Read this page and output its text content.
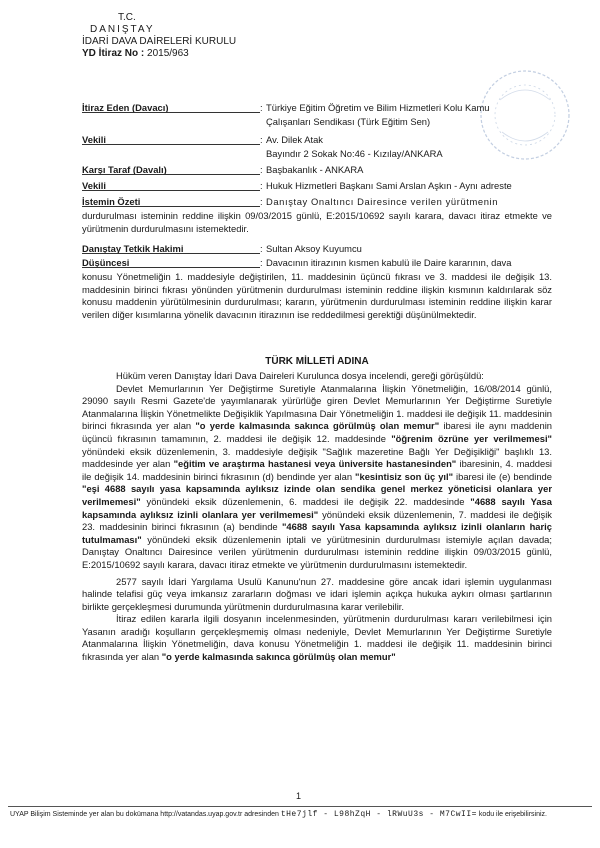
T.C.
DANIŞTAY
İDARİ DAVA DAİRELERİ KURULU
YD İtiraz No : 2015/963
İtiraz Eden (Davacı)	: Türkiye Eğitim Öğretim ve Bilim Hizmetleri Kolu Kamu
Çalışanları Sendikası (Türk Eğitim Sen)
Vekili	: Av. Dilek Atak
Bayındır 2 Sokak No:46 - Kızılay/ANKARA
Karşı Taraf (Davalı)	: Başbakanlık - ANKARA
Vekili	: Hukuk Hizmetleri Başkanı Sami Arslan Aşkın - Aynı adreste
İstemin Özeti	: Danıştay Onaltıncı Dairesince verilen yürütmenin
durdurulması isteminin reddine ilişkin 09/03/2015 günlü, E:2015/10692 sayılı karara, davacı itiraz etmekte ve yürütmenin durdurulmasını istemektedir.
Danıştay Tetkik Hakimi	: Sultan Aksoy Kuyumcu
Düşüncesi	: Davacının itirazının kısmen kabulü ile Daire kararının, dava
konusu Yönetmeliğin 1. maddesiyle değiştirilen, 11. maddesinin üçüncü fıkrası ve 3. maddesi ile değişik 13. maddesinin birinci fıkrası yönünden yürütmenin durdurulması isteminin reddine ilişkin kısmının kaldırılarak söz konusu maddenin yürütülmesinin durdurulması; kararın, yürütmenin durdurulması isteminin reddine ilişkin karar verilen diğer kısımlarına yönelik davacının itirazının ise reddedilmesi gerektiği düşünülmektedir.
TÜRK MİLLETİ ADINA
Hüküm veren Danıştay İdari Dava Daireleri Kurulunca dosya incelendi, gereği görüşüldü:
Devlet Memurlarının Yer Değiştirme Suretiyle Atanmalarına İlişkin Yönetmeliğin, 16/08/2014 günlü, 29090 sayılı Resmi Gazete'de yayımlanarak yürürlüğe giren Devlet Memurlarının Yer Değiştirme Suretiyle Atanmalarına İlişkin Yönetmelikte Değişiklik Yapılmasına Dair Yönetmeliğin 1. maddesi ile değişik 11. maddesinin birinci fıkrasında yer alan "o yerde kalmasında sakınca görülmüş olan memur" ibaresi ile aynı maddenin üçüncü fıkrasının tamamının, 2. maddesi ile değişik 12. maddesinde "öğrenim özrüne yer verilmemesi" yönündeki eksik düzenlemenin, 3. maddesiyle değişik "Sağlık mazeretine Bağlı Yer Değişikliği" başlıklı 13. maddesinde yer alan "eğitim ve araştırma hastanesi veya üniversite hastanesinden" ibaresinin, 4. maddesi ile değişik 14. maddesinin birinci fıkrasının (d) bendinde yer alan "kesintisiz son üç yıl" ibaresi ile (e) bendinde "eşi 4688 sayılı yasa kapsamında aylıksız izinde olan sendika genel merkez yöneticisi olanlara yer verilmemesi" yönündeki eksik düzenlemenin, 6. maddesi ile değişik 22. maddesinde "4688 sayılı Yasa kapsamında aylıksız izinli olanlara yer verilmemesi" yönündeki eksik düzenlemenin, 7. maddesi ile değişik 23. maddesinin birinci fıkrasının (a) bendinde "4688 sayılı Yasa kapsamında aylıksız izinli olanların hariç tutulmaması" yönündeki eksik düzenlemenin iptali ve yürütmesinin durdurulması istemiyle açılan davada; Danıştay Onaltıncı Dairesince verilen yürütmenin durdurulması isteminin reddine ilişkin 09/03/2015 günlü, E:2015/10692 sayılı karara, davacı itiraz etmekte ve yürütmenin durdurulmasını istemektedir.
2577 sayılı İdari Yargılama Usulü Kanunu'nun 27. maddesine göre ancak idari işlemin uygulanması halinde telafisi güç veya imkansız zararların doğması ve idari işlemin açıkça hukuka aykırı olması şartlarının birlikte gerçekleşmesi durumunda yürütmenin durdurulmasına karar verilebilir.
İtiraz edilen kararla ilgili dosyanın incelenmesinden, yürütmenin durdurulması kararı verilebilmesi için Yasanın aradığı koşulların gerçekleşmemiş olması nedeniyle, Devlet Memurlarının Yer Değiştirme Suretiyle Atanmalarına İlişkin Yönetmeliğin, dava konusu Yönetmeliğin 1. maddesi ile değişik 11. maddesinin birinci fıkrasında yer alan "o yerde kalmasında sakınca görülmüş olan memur"
1
UYAP Bilişim Sisteminde yer alan bu dokümana http://vatandas.uyap.gov.tr adresinden tHe7jlf - L98hZqH - lRWuU3s - M7CwII= kodu ile erişebilirsiniz.
